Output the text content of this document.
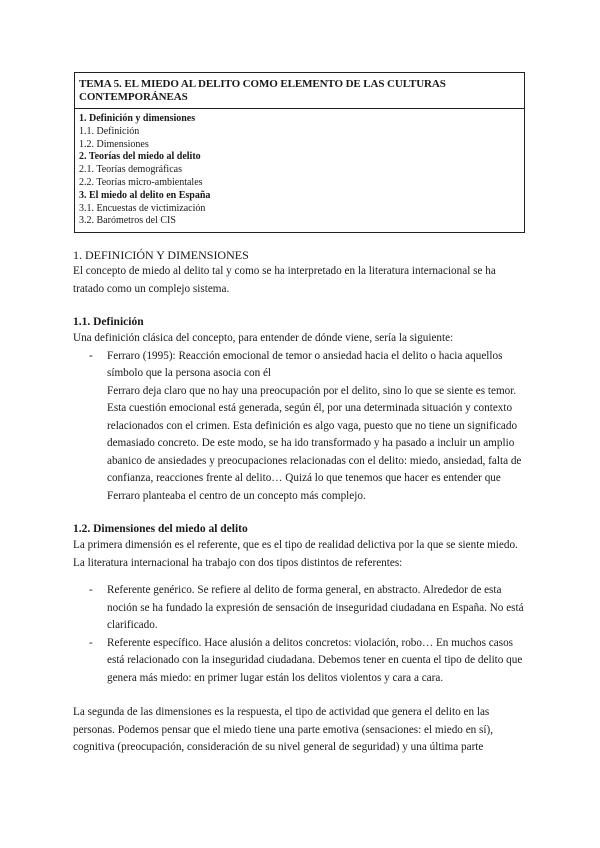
TEMA 5. EL MIEDO AL DELITO COMO ELEMENTO DE LAS CULTURAS CONTEMPORÁNEAS
1. Definición y dimensiones
1.1. Definición
1.2. Dimensiones
2. Teorías del miedo al delito
2.1. Teorías demográficas
2.2. Teorías micro-ambientales
3. El miedo al delito en España
3.1. Encuestas de victimización
3.2. Barómetros del CIS
1. DEFINICIÓN Y DIMENSIONES

El concepto de miedo al delito tal y como se ha interpretado en la literatura internacional se ha tratado como un complejo sistema.

1.1. Definición

Una definición clásica del concepto, para entender de dónde viene, sería la siguiente:

- Ferraro (1995): Reacción emocional de temor o ansiedad hacia el delito o hacia aquellos símbolo que la persona asocia con él
Ferraro deja claro que no hay una preocupación por el delito, sino lo que se siente es temor. Esta cuestión emocional está generada, según él, por una determinada situación y contexto relacionados con el crimen. Esta definición es algo vaga, puesto que no tiene un significado demasiado concreto. De este modo, se ha ido transformado y ha pasado a incluir un amplio abanico de ansiedades y preocupaciones relacionadas con el delito: miedo, ansiedad, falta de confianza, reacciones frente al delito… Quizá lo que tenemos que hacer es entender que Ferraro planteaba el centro de un concepto más complejo.
1.2. Dimensiones del miedo al delito

La primera dimensión es el referente, que es el tipo de realidad delictiva por la que se siente miedo. La literatura internacional ha trabajo con dos tipos distintos de referentes:

- Referente genérico. Se refiere al delito de forma general, en abstracto. Alrededor de esta noción se ha fundado la expresión de sensación de inseguridad ciudadana en España. No está clarificado.
- Referente específico. Hace alusión a delitos concretos: violación, robo… En muchos casos está relacionado con la inseguridad ciudadana. Debemos tener en cuenta el tipo de delito que genera más miedo: en primer lugar están los delitos violentos y cara a cara.

La segunda de las dimensiones es la respuesta, el tipo de actividad que genera el delito en las personas. Podemos pensar que el miedo tiene una parte emotiva (sensaciones: el miedo en sí), cognitiva (preocupación, consideración de su nivel general de seguridad) y una última parte
